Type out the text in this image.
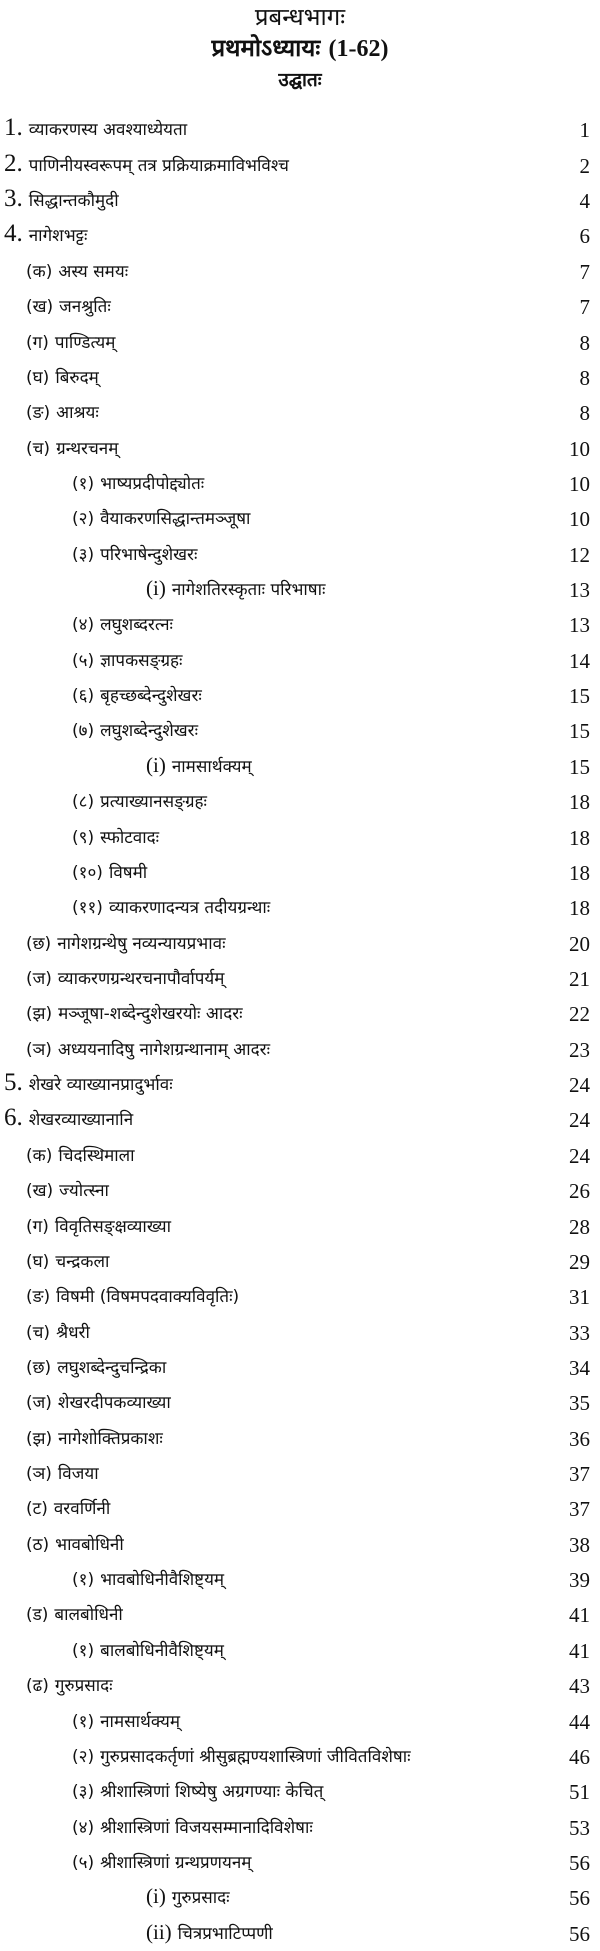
प्रबन्धभागः
प्रथमोऽध्यायः (1-62)
उद्घातः
1. व्याकरणस्य अवश्याध्येयता	1
2. पाणिनीयस्वरूपम् तत्र प्रक्रियाक्रमाविभविश्च	2
3. सिद्धान्तकौमुदी	4
4. नागेशभट्टः	6
(क) अस्य समयः	7
(ख) जनश्रुतिः	7
(ग) पाण्डित्यम्	8
(घ) बिरुदम्	8
(ङ) आश्रयः	8
(च) ग्रन्थरचनम्	10
(१) भाष्यप्रदीपोद्द्योतः	10
(२) वैयाकरणसिद्धान्तमञ्जूषा	10
(३) परिभाषेन्दुशेखरः	12
(i) नागेशतिरस्कृताः परिभाषाः	13
(४) लघुशब्दरत्नः	13
(५) ज्ञापकसङ्ग्रहः	14
(६) बृहच्छब्देन्दुशेखरः	15
(७) लघुशब्देन्दुशेखरः	15
(i) नामसार्थक्यम्	15
(८) प्रत्याख्यानसङ्ग्रहः	18
(९) स्फोटवादः	18
(१०) विषमी	18
(११) व्याकरणादन्यत्र तदीयग्रन्थाः	18
(छ) नागेशग्रन्थेषु नव्यन्यायप्रभावः	20
(ज) व्याकरणग्रन्थरचनापौर्वापर्यम्	21
(झ) मञ्जूषा-शब्देन्दुशेखरयोः आदरः	22
(ञ) अध्ययनादिषु नागेशग्रन्थानाम् आदरः	23
5. शेखरे व्याख्यानप्रादुर्भावः	24
6. शेखरव्याख्यानानि	24
(क) चिदस्थिमाला	24
(ख) ज्योत्स्ना	26
(ग) विवृतिसङ्क्षव्याख्या	28
(घ) चन्द्रकला	29
(ङ) विषमी (विषमपदवाक्यविवृतिः)	31
(च) श्रैधरी	33
(छ) लघुशब्देन्दुचन्द्रिका	34
(ज) शेखरदीपकव्याख्या	35
(झ) नागेशोक्तिप्रकाशः	36
(ञ) विजया	37
(ट) वरवर्णिनी	37
(ठ) भावबोधिनी	38
(१) भावबोधिनीवैशिष्ट्यम्	39
(ड) बालबोधिनी	41
(१) बालबोधिनीवैशिष्ट्यम्	41
(ढ) गुरुप्रसादः	43
(१) नामसार्थक्यम्	44
(२) गुरुप्रसादकर्तृणां श्रीसुब्रह्मण्यशास्त्रिणां जीवितविशेषाः	46
(३) श्रीशास्त्रिणां शिष्येषु अग्रगण्याः केचित्	51
(४) श्रीशास्त्रिणां विजयसम्मानादिविशेषाः	53
(५) श्रीशास्त्रिणां ग्रन्थप्रणयनम्	56
(i) गुरुप्रसादः	56
(ii) चित्रप्रभाटिप्पणी	56
